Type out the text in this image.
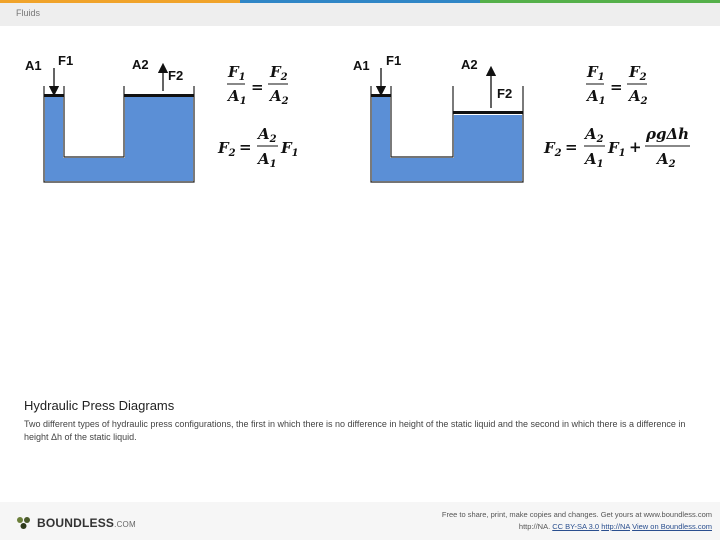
Fluids
A1 F1	A2
F2	$F_1$
$A_1$
=
$F_2$
$A_2$
$F_2$ =
$A_2$
$A_1$
$F_1$
A1 F1	A2
F2
$F_1$
$A_1$
=
$F_2$
$A_2$
$F_2$ =
$A_2$
$A_1$
$F_1$ +
ρgΔh
$A_2$
Hydraulic Press Diagrams
Two different types of hydraulic press configurations, the first in which there is no difference in height of the static liquid and the second in which there is a difference in height Δh of the static liquid.
BOUNDLESS.COM
Free to share, print, make copies and changes. Get yours at www.boundless.com
http://NA. CC BY-SA 3.0 http://NA View on Boundless.com
